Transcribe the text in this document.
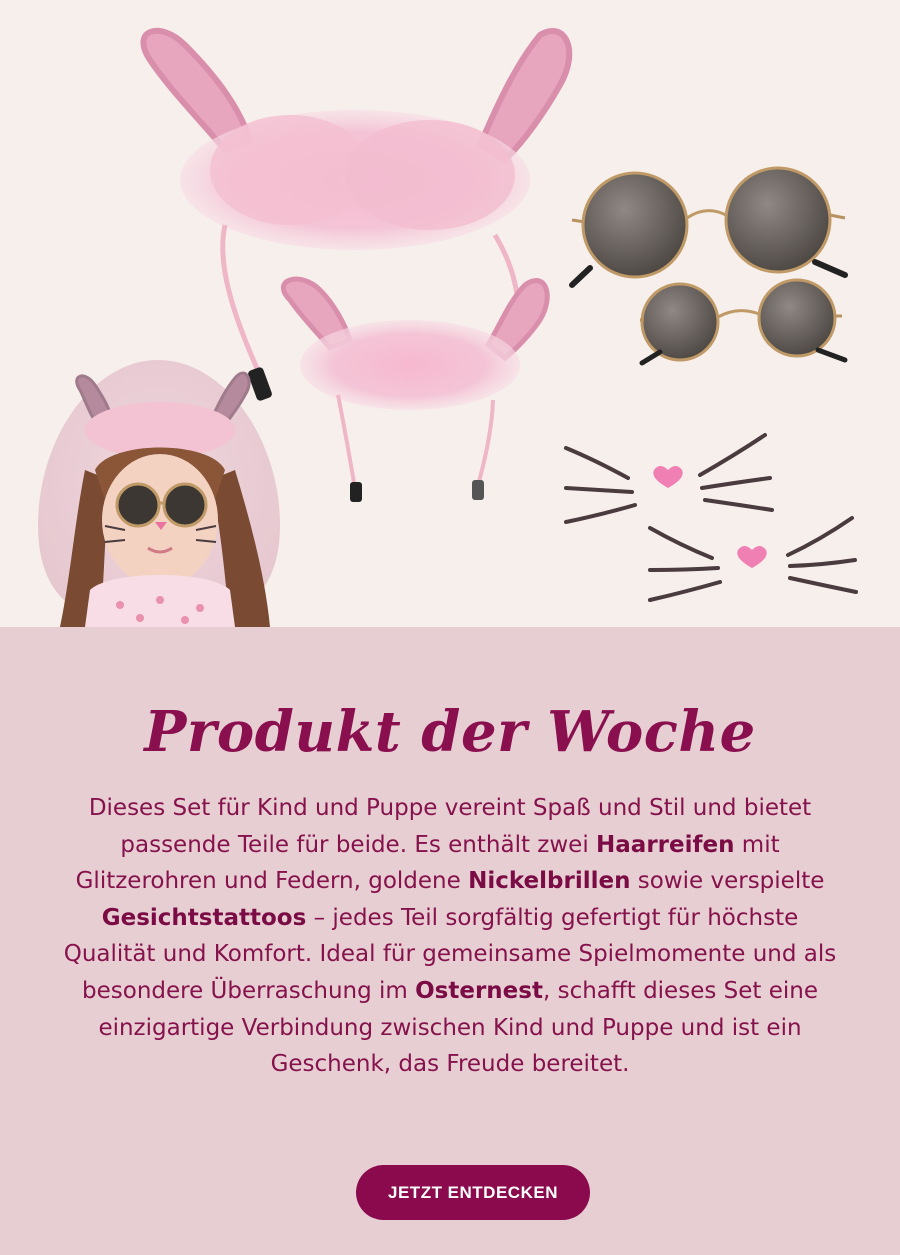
Produkt der Woche

Dieses Set für Kind und Puppe vereint Spaß und Stil und bietet passende Teile für beide. Es enthält zwei Haarreifen mit Glitzerohren und Federn, goldene Nickelbrillen sowie verspielte Gesichtstattoos – jedes Teil sorgfältig gefertigt für höchste Qualität und Komfort. Ideal für gemeinsame Spielmomente und als besondere Überraschung im Osternest, schafft dieses Set eine einzigartige Verbindung zwischen Kind und Puppe und ist ein Geschenk, das Freude bereitet.

JETZT ENTDECKEN
